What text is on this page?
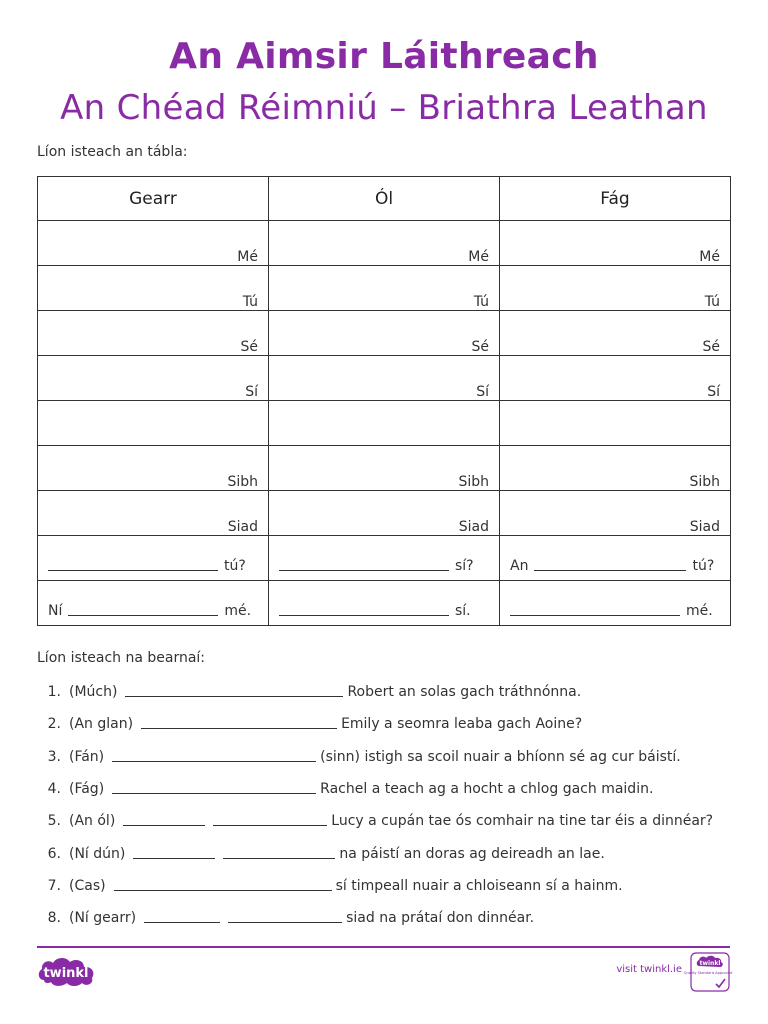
An Aimsir Láithreach
An Chéad Réimniú – Briathra Leathan
Líon isteach an tábla:
Gearr	Ól	Fág
Mé	Mé	Mé
Tú	Tú	Tú
Sé	Sé	Sé
Sí	Sí	Sí

Sibh	Sibh	Sibh
Siad	Siad	Siad

tú?	sí?	An tú?

Ní mé.	sí.	mé.
Líon isteach na bearnaí:
1. (Múch)	Robert an solas gach tráthnónna.
2. (An glan)	Emily a seomra leaba gach Aoine?
3. (Fán)	(sinn) istigh sa scoil nuair a bhíonn sé ag cur báistí.
4. (Fág)	Rachel a teach ag a hocht a chlog gach maidin.
5. (An ól)	Lucy a cupán tae ós comhair na tine tar éis a dinnéar?
6. (Ní dún)	na páistí an doras ag deireadh an lae.
7. (Cas)	sí timpeall nuair a chloiseann sí a hainm.
8. (Ní gearr)	siad na prátaí don dinnéar.
twinkl	visit twinkl.ie
twinkl
Quality Standard Approved
